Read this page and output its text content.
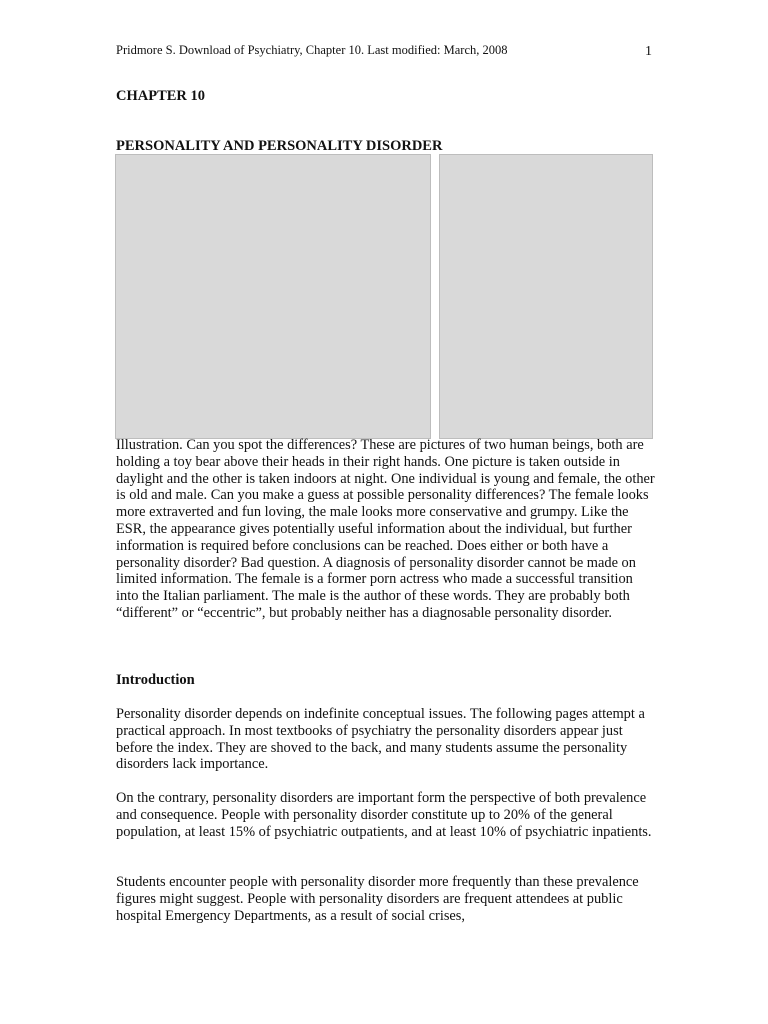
Pridmore S. Download of Psychiatry, Chapter 10. Last modified: March, 2008	1
CHAPTER 10
PERSONALITY AND PERSONALITY DISORDER

Illustration. Can you spot the differences? These are pictures of two human beings, both are holding a toy bear above their heads in their right hands. One picture is taken outside in daylight and the other is taken indoors at night. One individual is young and female, the other is old and male. Can you make a guess at possible personality differences? The female looks more extraverted and fun loving, the male looks more conservative and grumpy. Like the ESR, the appearance gives potentially useful information about the individual, but further information is required before conclusions can be reached. Does either or both have a personality disorder? Bad question. A diagnosis of personality disorder cannot be made on limited information. The female is a former porn actress who made a successful transition into the Italian parliament. The male is the author of these words. They are probably both “different” or “eccentric”, but probably neither has a diagnosable personality disorder.

Introduction

Personality disorder depends on indefinite conceptual issues. The following pages attempt a practical approach. In most textbooks of psychiatry the personality disorders appear just before the index. They are shoved to the back, and many students assume the personality disorders lack importance.

On the contrary, personality disorders are important form the perspective of both prevalence and consequence. People with personality disorder constitute up to 20% of the general population, at least 15% of psychiatric outpatients, and at least 10% of psychiatric inpatients.

Students encounter people with personality disorder more frequently than these prevalence figures might suggest. People with personality disorders are frequent attendees at public hospital Emergency Departments, as a result of social crises,
